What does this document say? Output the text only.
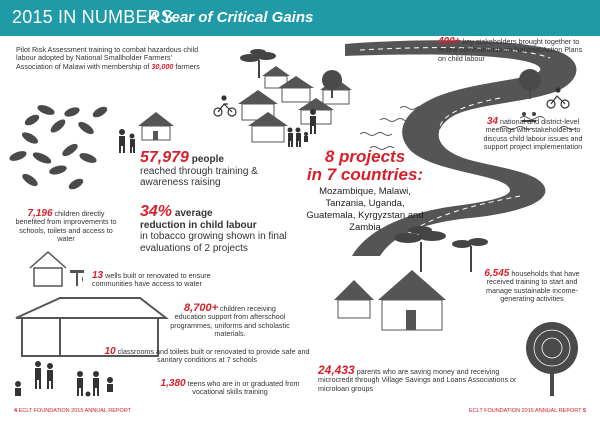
2015 IN NUMBERS
A Year of Critical Gains
Pilot Risk Assessment training to combat hazardous child labour adopted by National Smallholder Farmers' Association of Malawi with membership of 30,000 farmers
400+ key stakeholders brought together to renew commitments on National Action Plans on child labour
34 national and district-level meetings with stakeholders to discuss child labour issues and support project implementation
57,979 people
reached through training & awareness raising
8 projects
in 7 countries:
Mozambique, Malawi, Tanzania, Uganda, Guatemala, Kyrgyzstan and Zambia
7,196 children directly benefited from improvements to schools, toilets and access to water
34% average
reduction in child labour
in tobacco growing shown in final evaluations of 2 projects
13 wells built or renovated to ensure communities have access to water
6,545 households that have received training to start and manage sustainable income-generating activities
8,700+ children receiving education support from afterschool programmes, uniforms and scholastic materials.
10 classrooms and toilets built or renovated to provide safe and sanitary conditions at 7 schools
24,433 parents who are saving money and receiving microcredit through Village Savings and Loans Associations or microloan groups
1,380 teens who are in or graduated from vocational skills training
4 ECLT FOUNDATION 2015 ANNUAL REPORT	ECLT FOUNDATION 2015 ANNUAL REPORT 5
